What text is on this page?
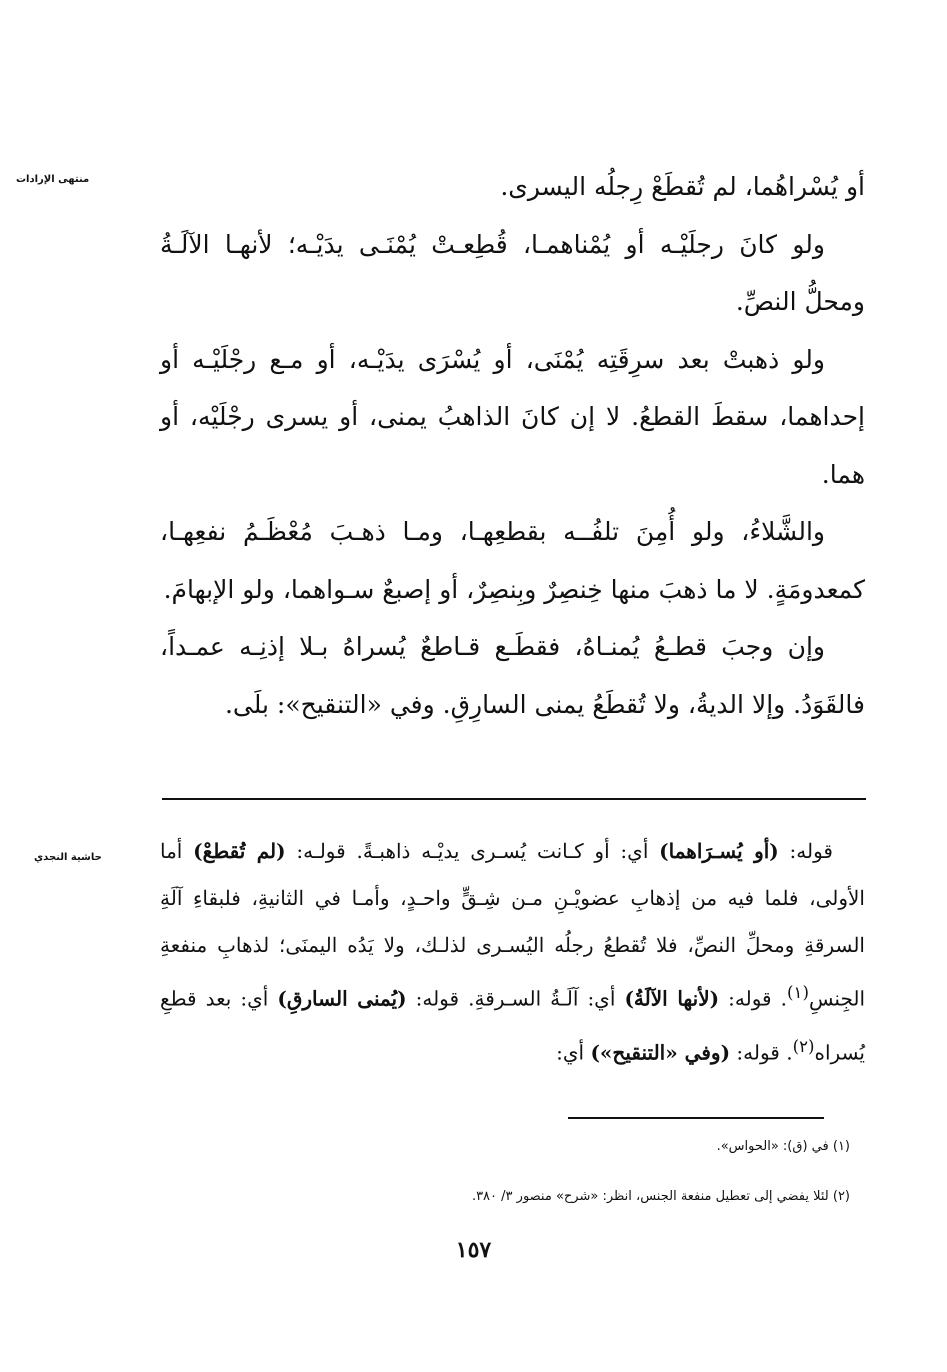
منتهى الإرادات
حاشية النجدي

أو يُسْراهُما، لم تُقطَعْ رِجلُه اليسرى.

ولو كانَ رجلَيْـه أو يُمْناهمـا، قُطِعـتْ يُمْنَـى يدَيْـه؛ لأنهـا الآلَـةُ ومحلُّ النصِّ.

ولو ذهبتْ بعد سرِقَتِه يُمْنَى، أو يُسْرَى يدَيْـه، أو مـع رجْلَيْـه أو إحداهما، سقطَ القطعُ. لا إن كانَ الذاهبُ يمنى، أو يسرى رجْلَيْه، أو هما.

والشَّلاءُ، ولو أُمِنَ تلفُــه بقطعِهـا، ومـا ذهـبَ مُعْظَـمُ نفعِهـا، كمعدومَةٍ. لا ما ذهبَ منها خِنصِرٌ وبِنصِرٌ، أو إصبعٌ سـواهما، ولو الإبهامَ.

وإن وجبَ قطـعُ يُمنـاهُ، فقطَـع قـاطعٌ يُسراهُ بـلا إذنِـه عمـداً، فالقَوَدُ. وإلا الديةُ، ولا تُقطَعُ يمنى السارِقِ. وفي «التنقيح»: بلَى.

قوله: (أو يُسـرَاهما) أي: أو كـانت يُسـرى يديْـه ذاهبـةً. قولـه: (لم تُقطعْ) أما الأولى، فلما فيه من إذهابِ عضويْـنِ مـن شِـقٍّ واحـدٍ، وأمـا في الثانيةِ، فلبقاءِ آلَةِ السرقةِ ومحلِّ النصِّ، فلا تُقطعُ رجلُه اليُسـرى لذلـك، ولا يَدُه اليمنَى؛ لذهابِ منفعةِ الجِنسِ$^{(١)}$. قوله: (لأنها الآلَةُ) أي: آلَـةُ السـرقةِ. قوله: (يُمنى السارقِ) أي: بعد قطعِ يُسراه$^{(٢)}$. قوله: (وفي «التنقيح») أي:

(١) في (ق): «الحواس».
(٢) لئلا يفضي إلى تعطيل منفعة الجنس، انظر: «شرح» منصور ٣/ ٣٨٠.
١٥٧
